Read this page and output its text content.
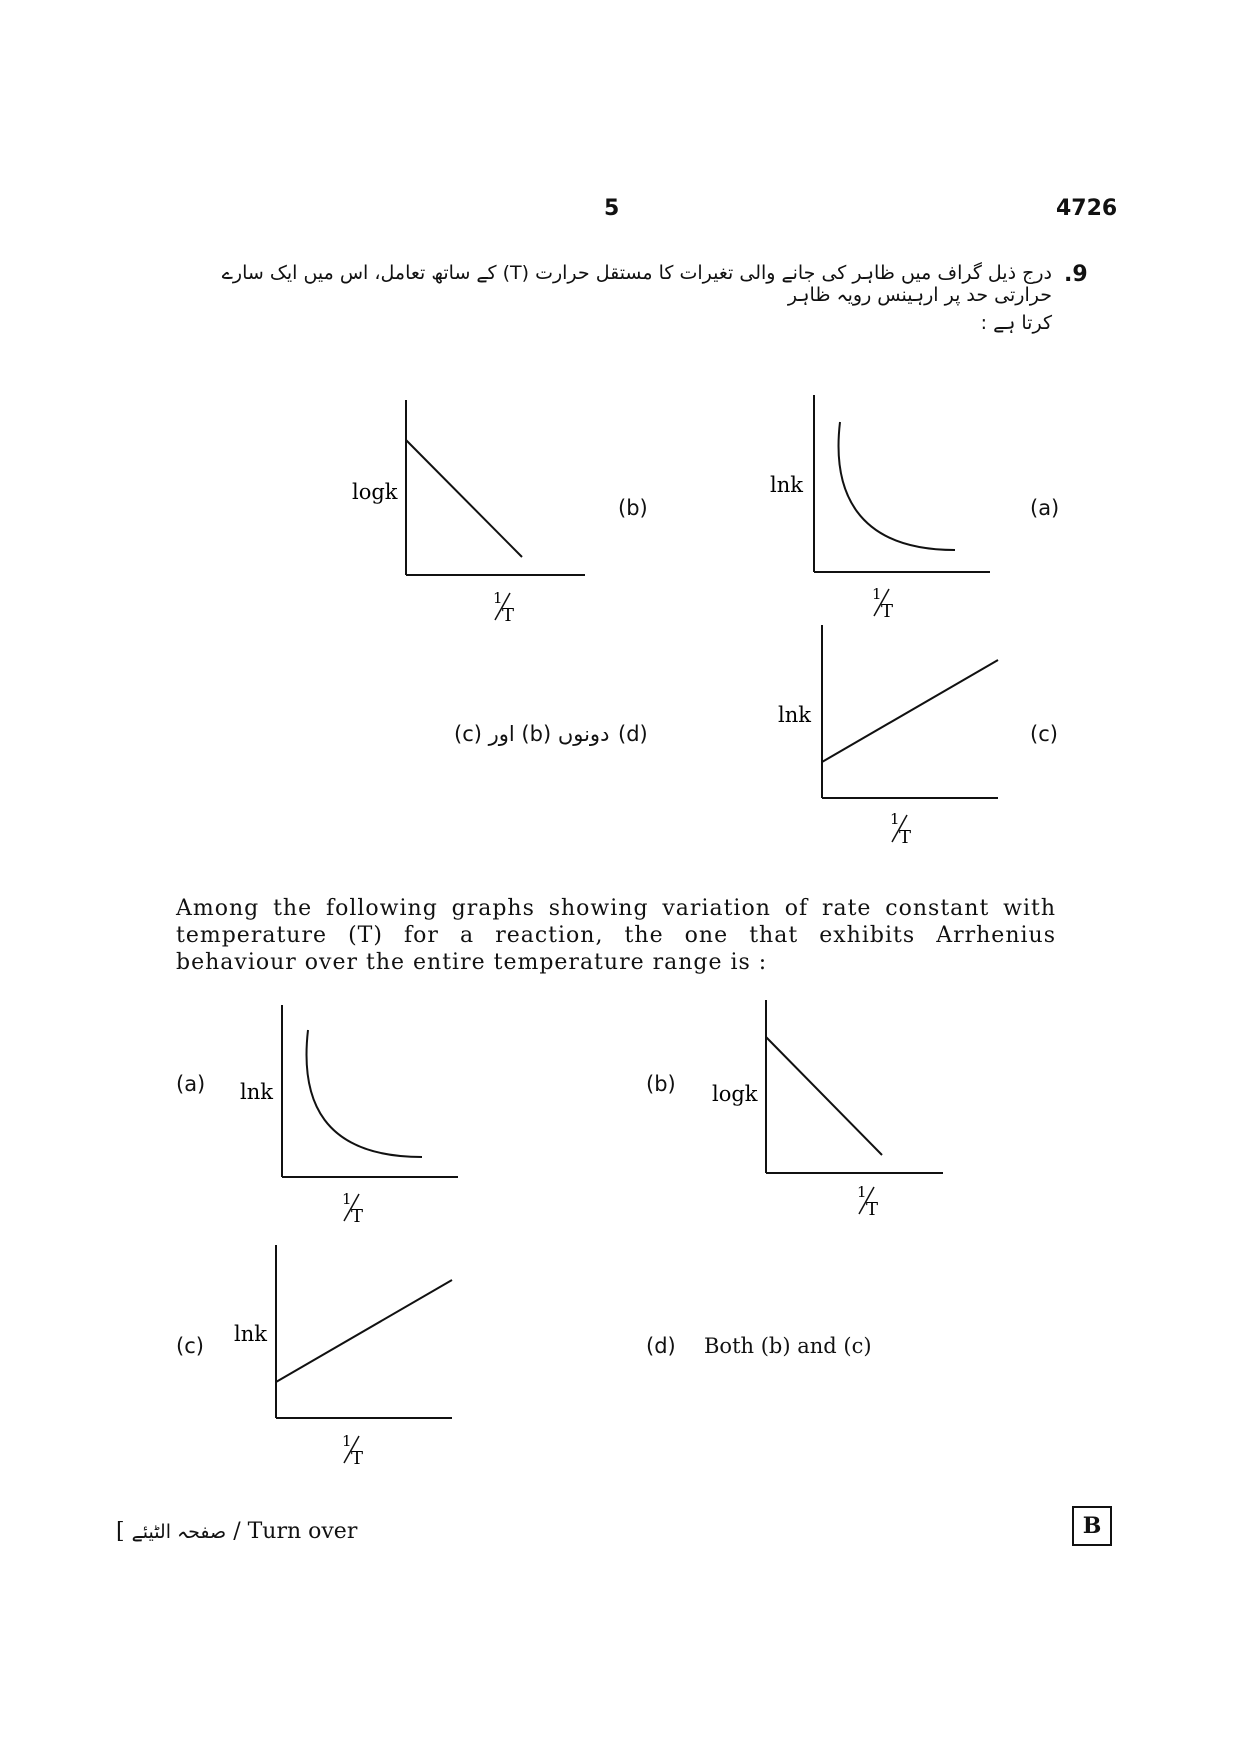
5	4726
.9
درج ذیل گراف میں ظاہر کی جانے والی تغیرات کا مستقل حرارت (T) کے ساتھ تعامل، اس میں ایک سارے حرارتی حد پر ارہینس رویہ ظاہر
کرتا ہے :
logk
1
T
(b)
lnk
1
T
(a)
دونوں (b) اور (c) (d)
lnk
1
T
(c)
Among the following graphs showing variation of rate constant with temperature (T) for a reaction, the one that exhibits Arrhenius behaviour over the entire temperature range is :
(a) lnk
1
T
(b) logk
1
T
(c) lnk
1
T
(d) Both (b) and (c)
[ صفحہ الٹیئے / Turn over	B
